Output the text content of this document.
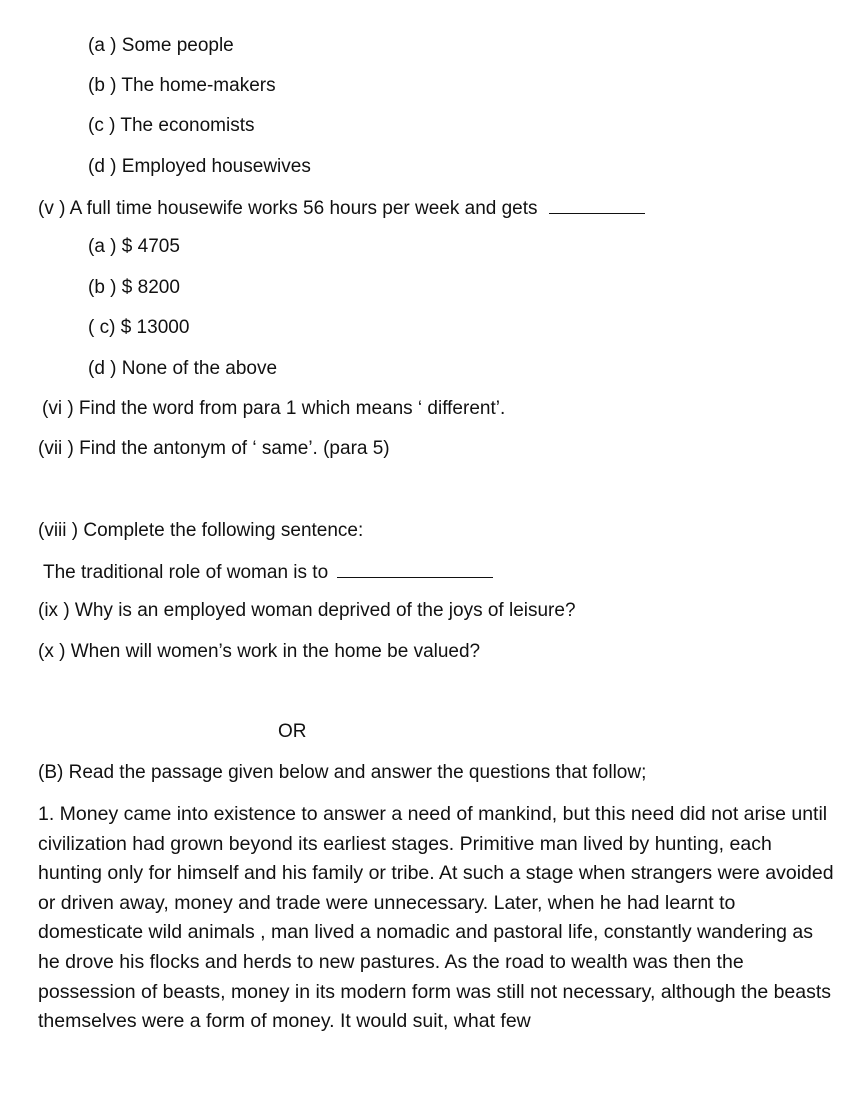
(a ) Some people
(b ) The home-makers
(c ) The economists
(d ) Employed housewives
(v ) A full time housewife works 56 hours per week and gets
(a ) $ 4705
(b ) $ 8200
( c) $ 13000
(d ) None of the above
(vi ) Find the word from para 1 which means ‘ different’.
(vii ) Find the antonym of ‘ same’. (para 5)
(viii ) Complete the following sentence:
The traditional role of woman is to
(ix ) Why is an employed woman deprived of the joys of leisure?
(x ) When will women’s work in the home be valued?
OR
(B) Read the passage given below and answer the questions that follow;
1. Money came into existence to answer a need of mankind, but this need did not arise until civilization had grown beyond its earliest stages. Primitive man lived by hunting, each hunting only for himself and his family or tribe. At such a stage when strangers were avoided or driven away, money and trade were unnecessary. Later, when he had learnt to domesticate wild animals , man lived a nomadic and pastoral life, constantly wandering as he drove his flocks and herds to new pastures. As the road to wealth was then the possession of beasts, money in its modern form was still not necessary, although the beasts themselves were a form of money. It would suit, what few
